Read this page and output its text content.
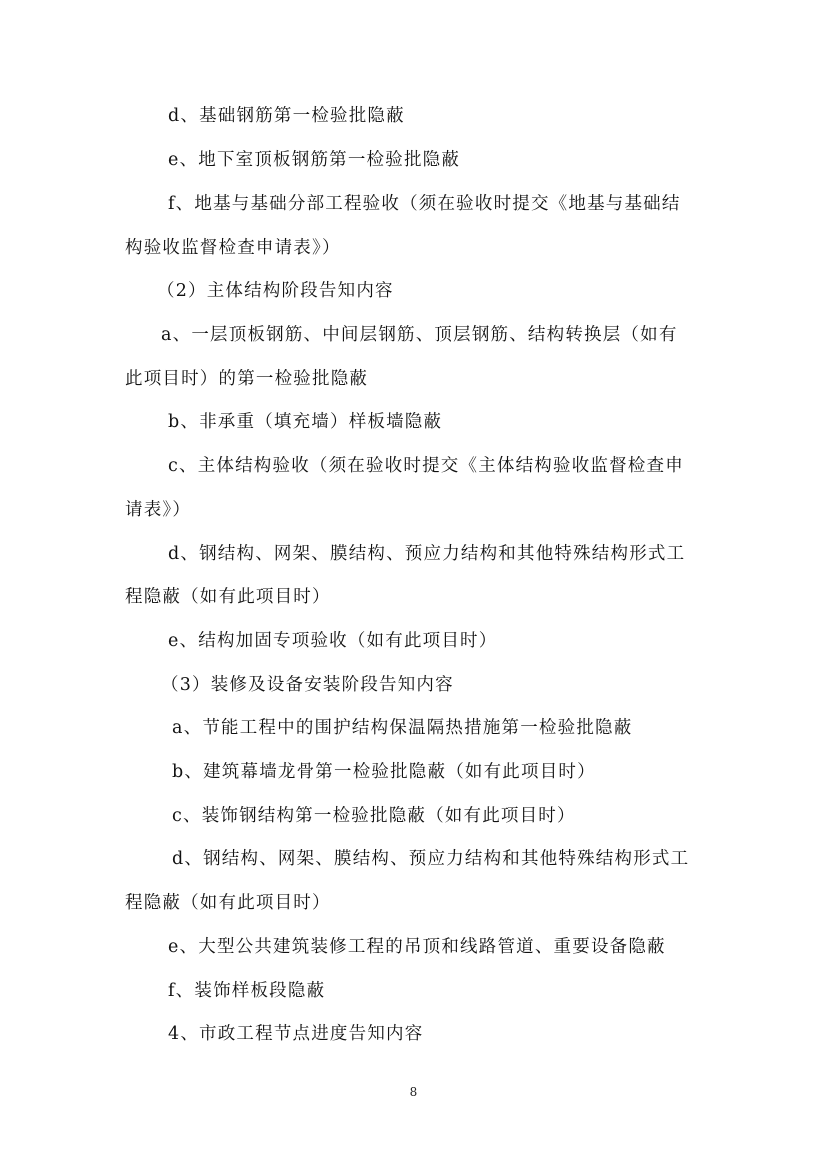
d、基础钢筋第一检验批隐蔽
e、地下室顶板钢筋第一检验批隐蔽
f、地基与基础分部工程验收（须在验收时提交《地基与基础结
构验收监督检查申请表》）
（2）主体结构阶段告知内容
a、一层顶板钢筋、中间层钢筋、顶层钢筋、结构转换层（如有
此项目时）的第一检验批隐蔽
b、非承重（填充墙）样板墙隐蔽
c、主体结构验收（须在验收时提交《主体结构验收监督检查申
请表》）
d、钢结构、网架、膜结构、预应力结构和其他特殊结构形式工
程隐蔽（如有此项目时）
e、结构加固专项验收（如有此项目时）
（3）装修及设备安装阶段告知内容
a、节能工程中的围护结构保温隔热措施第一检验批隐蔽
b、建筑幕墙龙骨第一检验批隐蔽（如有此项目时）
c、装饰钢结构第一检验批隐蔽（如有此项目时）
d、钢结构、网架、膜结构、预应力结构和其他特殊结构形式工
程隐蔽（如有此项目时）
e、大型公共建筑装修工程的吊顶和线路管道、重要设备隐蔽
f、装饰样板段隐蔽
4、市政工程节点进度告知内容
8
